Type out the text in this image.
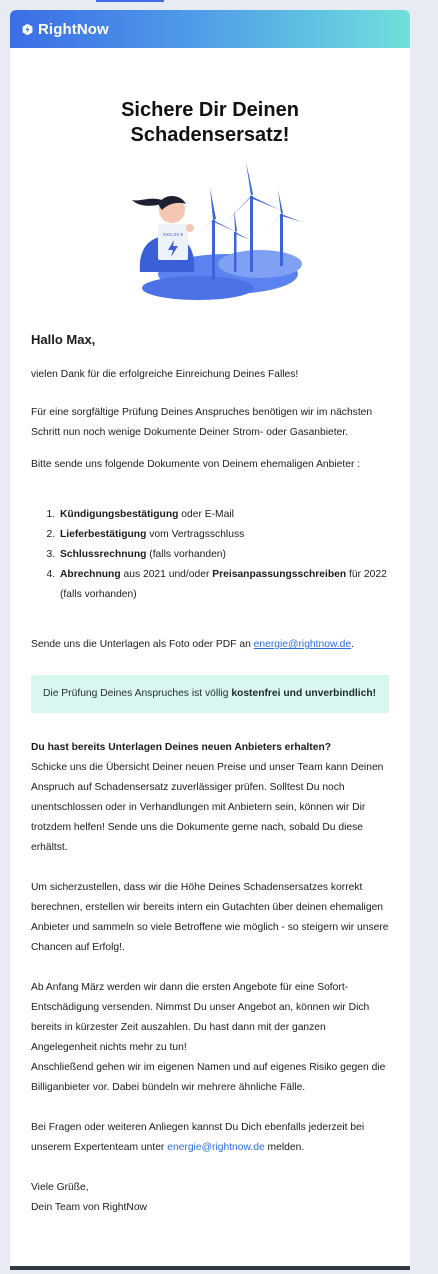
RightNow
Sichere Dir Deinen
Schadensersatz!
XXX,XX €
Hallo Max,

vielen Dank für die erfolgreiche Einreichung Deines Falles!

Für eine sorgfältige Prüfung Deines Anspruches benötigen wir im nächsten Schritt nun noch wenige Dokumente Deiner Strom- oder Gasanbieter.

Bitte sende uns folgende Dokumente von Deinem ehemaligen Anbieter :

1. Kündigungsbestätigung oder E-Mail
2. Lieferbestätigung vom Vertragsschluss
3. Schlussrechnung (falls vorhanden)
4. Abrechnung aus 2021 und/oder Preisanpassungsschreiben für 2022 (falls vorhanden)

Sende uns die Unterlagen als Foto oder PDF an energie@rightnow.de.

Die Prüfung Deines Anspruches ist völlig kostenfrei und unverbindlich!

Du hast bereits Unterlagen Deines neuen Anbieters erhalten?
Schicke uns die Übersicht Deiner neuen Preise und unser Team kann Deinen Anspruch auf Schadensersatz zuverlässiger prüfen. Solltest Du noch unentschlossen oder in Verhandlungen mit Anbietern sein, können wir Dir trotzdem helfen! Sende uns die Dokumente gerne nach, sobald Du diese erhältst.

Um sicherzustellen, dass wir die Höhe Deines Schadensersatzes korrekt berechnen, erstellen wir bereits intern ein Gutachten über deinen ehemaligen Anbieter und sammeln so viele Betroffene wie möglich - so steigern wir unsere Chancen auf Erfolg!.

Ab Anfang März werden wir dann die ersten Angebote für eine Sofort-Entschädigung versenden. Nimmst Du unser Angebot an, können wir Dich bereits in kürzester Zeit auszahlen. Du hast dann mit der ganzen Angelegenheit nichts mehr zu tun!
Anschließend gehen wir im eigenen Namen und auf eigenes Risiko gegen die Billiganbieter vor. Dabei bündeln wir mehrere ähnliche Fälle.

Bei Fragen oder weiteren Anliegen kannst Du Dich ebenfalls jederzeit bei unserem Expertenteam unter energie@rightnow.de melden.

Viele Grüße,
Dein Team von RightNow
